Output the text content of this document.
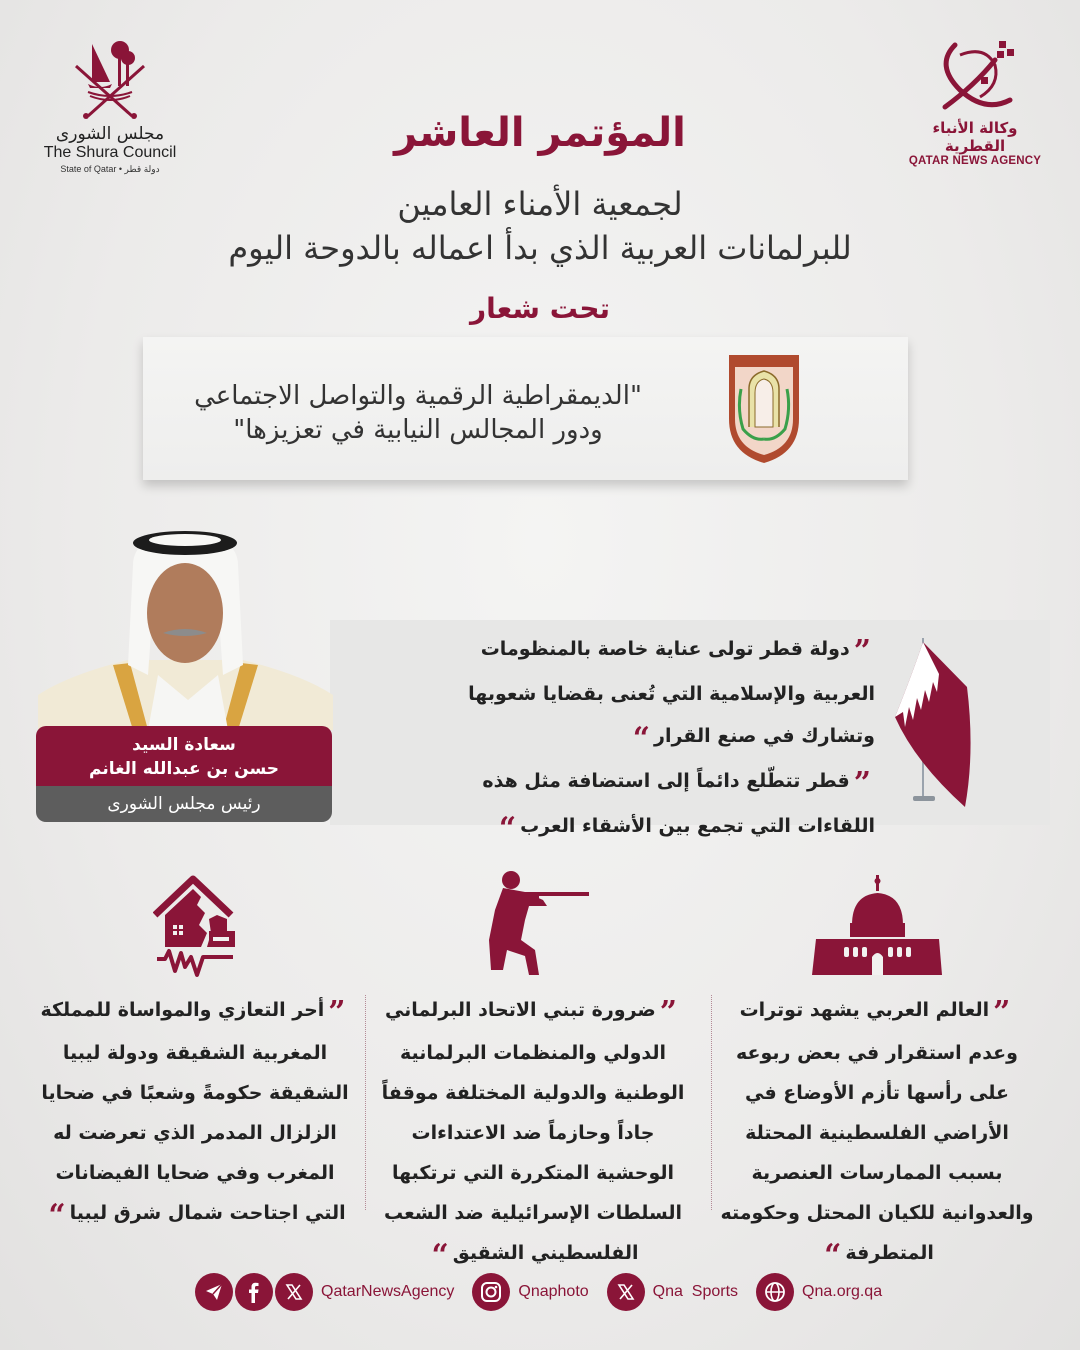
مجلس الشورى
The Shura Council
State of Qatar • دولة قطر
وكالة الأنباء القطرية
QATAR NEWS AGENCY
المؤتمر العاشر
لجمعية الأمناء العامين
للبرلمانات العربية الذي بدأ اعماله بالدوحة اليوم
تحت شعار
"الديمقراطية الرقمية والتواصل الاجتماعي
ودور المجالس النيابية في تعزيزها"
سعادة السيد
حسن بن عبدالله الغانم
رئيس مجلس الشورى
”دولة قطر تولى عناية خاصة بالمنظومات العربية والإسلامية التي تُعنى بقضايا شعوبها وتشارك في صنع القرار“
”قطر تتطّلع دائماً إلى استضافة مثل هذه اللقاءات التي تجمع بين الأشقاء العرب“
”العالم العربي يشهد توترات وعدم استقرار في بعض ربوعه على رأسها تأزم الأوضاع في الأراضي الفلسطينية المحتلة بسبب الممارسات العنصرية والعدوانية للكيان المحتل وحكومته المتطرفة“
”ضرورة تبني الاتحاد البرلماني الدولي والمنظمات البرلمانية الوطنية والدولية المختلفة موقفاً جاداً وحازماً ضد الاعتداءات الوحشية المتكررة التي ترتكبها السلطات الإسرائيلية ضد الشعب الفلسطيني الشقيق“
”أحر التعازي والمواساة للمملكة المغربية الشقيقة ودولة ليبيا الشقيقة حكومةً وشعبًا في ضحايا الزلزال المدمر الذي تعرضت له المغرب وفي ضحايا الفيضانات التي اجتاحت شمال شرق ليبيا“
QatarNewsAgency	Qnaphoto	Qna  Sports	Qna.org.qa
